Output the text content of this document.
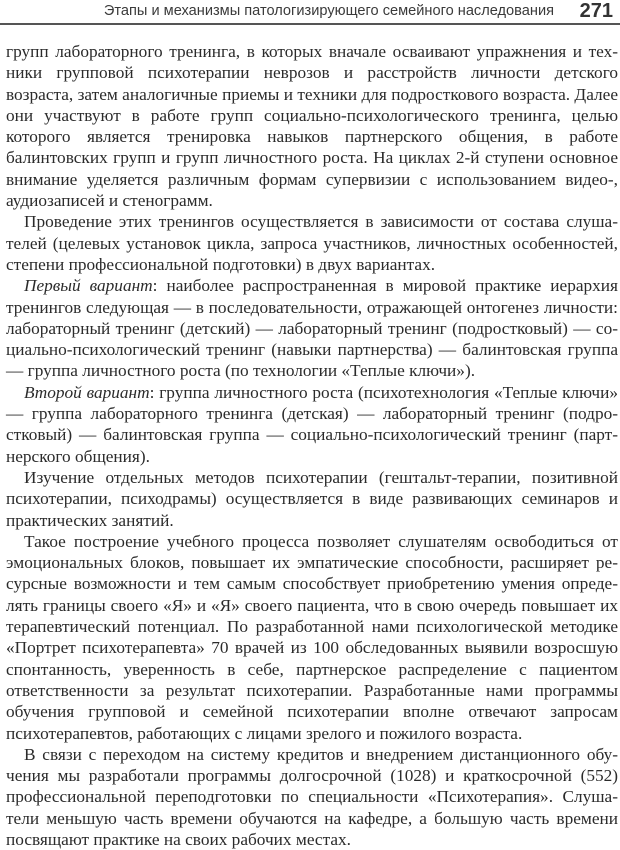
Этапы и механизмы патологизирующего семейного наследования 271

групп лабораторного тренинга, в которых вначале осваивают упражнения и техники групповой психотерапии неврозов и расстройств личности детского возраста, затем аналогичные приемы и техники для подросткового возраста. Далее они участвуют в работе групп социально-психологического тренинга, целью которого является тренировка навыков партнерского общения, в работе балинтовских групп и групп личностного роста. На циклах 2-й ступени основное внимание уделяется различным формам супервизии с использованием видео-, аудиозаписей и стенограмм.

Проведение этих тренингов осуществляется в зависимости от состава слушателей (целевых установок цикла, запроса участников, личностных особенностей, степени профессиональной подготовки) в двух вариантах.

Первый вариант: наиболее распространенная в мировой практике иерархия тренингов следующая — в последовательности, отражающей онтогенез личности: лабораторный тренинг (детский) — лабораторный тренинг (подростковый) — социально-психологический тренинг (навыки партнерства) — балинтовская группа — группа личностного роста (по технологии «Теплые ключи»).

Второй вариант: группа личностного роста (психотехнология «Теплые ключи» — группа лабораторного тренинга (детская) — лабораторный тренинг (подростковый) — балинтовская группа — социально-психологический тренинг (партнерского общения).

Изучение отдельных методов психотерапии (гештальт-терапии, позитивной психотерапии, психодрамы) осуществляется в виде развивающих семинаров и практических занятий.

Такое построение учебного процесса позволяет слушателям освободиться от эмоциональных блоков, повышает их эмпатические способности, расширяет ресурсные возможности и тем самым способствует приобретению умения определять границы своего «Я» и «Я» своего пациента, что в свою очередь повышает их терапевтический потенциал. По разработанной нами психологической методике «Портрет психотерапевта» 70 врачей из 100 обследованных выявили возросшую спонтанность, уверенность в себе, партнерское распределение с пациентом ответственности за результат психотерапии. Разработанные нами программы обучения групповой и семейной психотерапии вполне отвечают запросам психотерапевтов, работающих с лицами зрелого и пожилого возраста.

В связи с переходом на систему кредитов и внедрением дистанционного обучения мы разработали программы долгосрочной (1028) и краткосрочной (552) профессиональной переподготовки по специальности «Психотерапия». Слушатели меньшую часть времени обучаются на кафедре, а большую часть времени посвящают практике на своих рабочих местах.
